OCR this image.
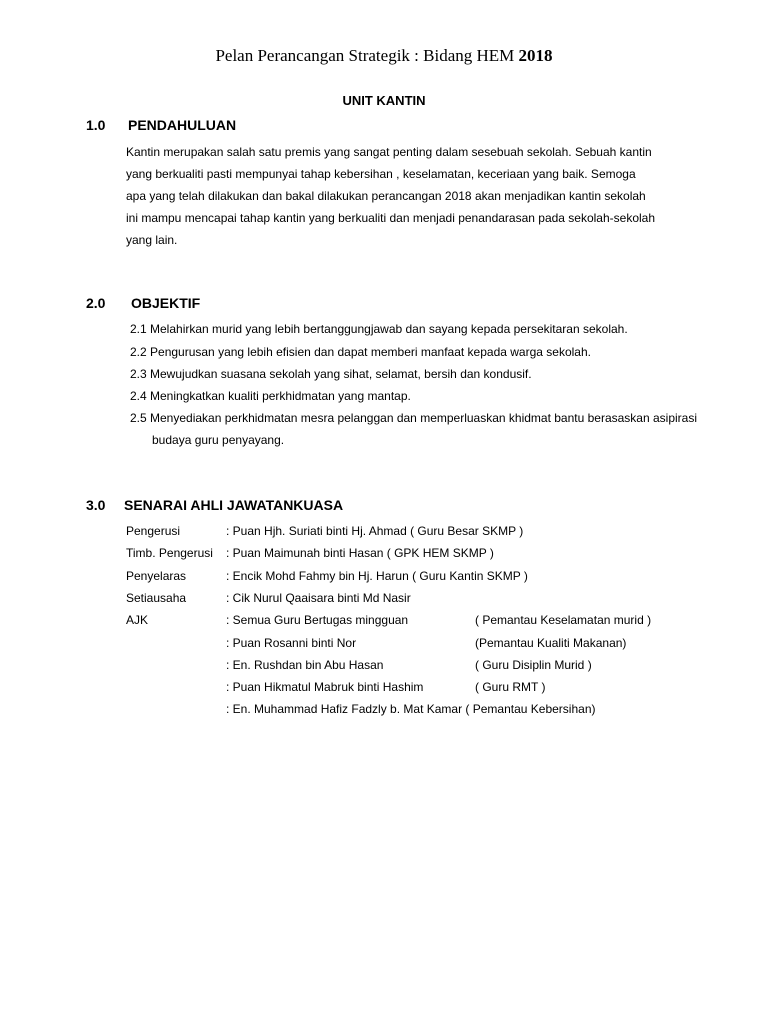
Pelan Perancangan Strategik : Bidang HEM 2018
UNIT KANTIN
1.0 PENDAHULUAN

Kantin merupakan salah satu premis yang sangat penting dalam sesebuah sekolah. Sebuah kantin

yang berkualiti pasti mempunyai tahap kebersihan , keselamatan, keceriaan yang baik. Semoga

apa yang telah dilakukan dan bakal dilakukan perancangan 2018 akan menjadikan kantin sekolah

ini mampu mencapai tahap kantin yang berkualiti dan menjadi penandarasan pada sekolah-sekolah

yang lain.

2.0 OBJEKTIF

2.1 Melahirkan murid yang lebih bertanggungjawab dan sayang kepada persekitaran sekolah.

2.2 Pengurusan yang lebih efisien dan dapat memberi manfaat kepada warga sekolah.

2.3 Mewujudkan suasana sekolah yang sihat, selamat, bersih dan kondusif.

2.4 Meningkatkan kualiti perkhidmatan yang mantap.

2.5 Menyediakan perkhidmatan mesra pelanggan dan memperluaskan khidmat bantu berasaskan asipirasi budaya guru penyayang.

3.0 SENARAI AHLI JAWATANKUASA
Pengerusi	: Puan Hjh. Suriati binti Hj. Ahmad ( Guru Besar SKMP )
Timb. Pengerusi : Puan Maimunah binti Hasan ( GPK HEM SKMP )
Penyelaras	: Encik Mohd Fahmy bin Hj. Harun ( Guru Kantin SKMP )
Setiausaha	: Cik Nurul Qaaisara binti Md Nasir
AJK	: Semua Guru Bertugas mingguan	( Pemantau Keselamatan murid )
: Puan Rosanni binti Nor	(Pemantau Kualiti Makanan)
: En. Rushdan bin Abu Hasan	( Guru Disiplin Murid )
: Puan Hikmatul Mabruk binti Hashim	( Guru RMT )
: En. Muhammad Hafiz Fadzly b. Mat Kamar ( Pemantau Kebersihan)
